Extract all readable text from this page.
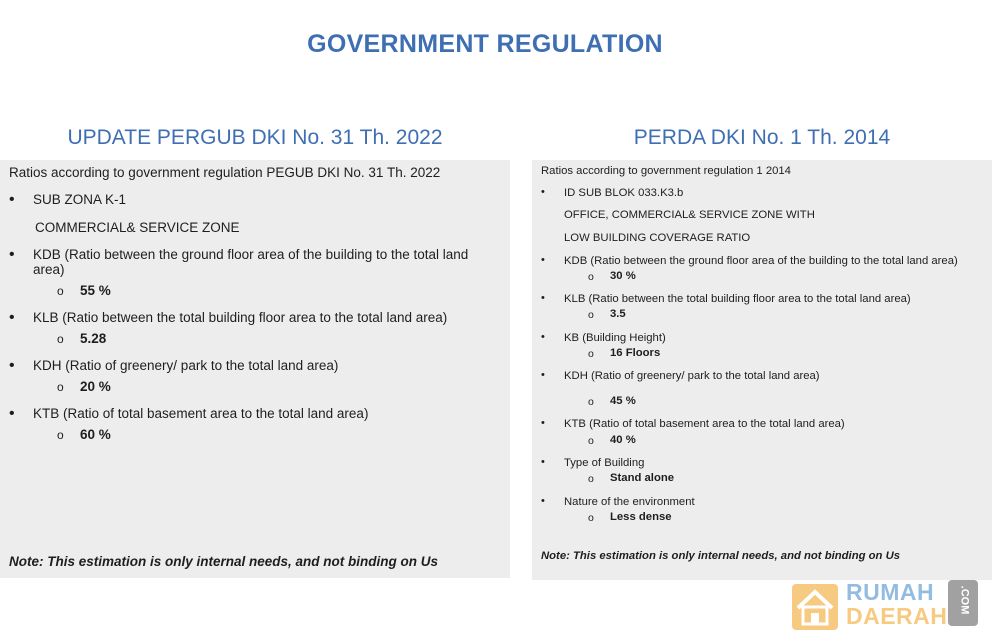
GOVERNMENT REGULATION
UPDATE PERGUB DKI No. 31 Th. 2022	PERDA DKI No. 1 Th. 2014
Ratios according to government regulation PEGUB DKI No. 31 Th. 2022
• SUB ZONA K-1
COMMERCIAL& SERVICE ZONE
• KDB (Ratio between the ground floor area of the building to the total land area)
o 55 %
• KLB (Ratio between the total building floor area to the total land area)
o 5.28
• KDH (Ratio of greenery/ park to the total land area)
o 20 %
• KTB (Ratio of total basement area to the total land area)
o 60 %
Note: This estimation is only internal needs, and not binding on Us
Ratios according to government regulation 1 2014
• ID SUB BLOK 033.K3.b
OFFICE, COMMERCIAL& SERVICE ZONE WITH
LOW BUILDING COVERAGE RATIO
• KDB (Ratio between the ground floor area of the building to the total land area)
o 30 %
• KLB (Ratio between the total building floor area to the total land area)
o 3.5
• KB (Building Height)
o 16 Floors
• KDH (Ratio of greenery/ park to the total land area)
o 45 %
• KTB (Ratio of total basement area to the total land area)
o 40 %
• Type of Building
o Stand alone
• Nature of the environment
o Less dense
Note: This estimation is only internal needs, and not binding on Us
RUMAH
DAERAH
.COM
